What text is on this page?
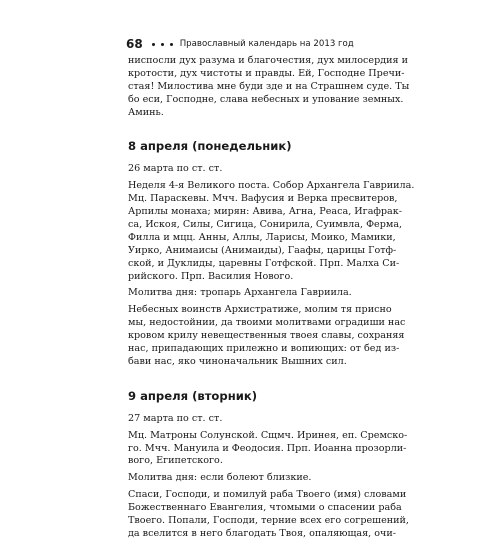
68	Православный календарь на 2013 год
ниспосли дух разума и благочестия, дух милосердия и
кротости, дух чистоты и правды. Ей, Господне Пречи-
стая! Милостива мне буди зде и на Страшнем суде. Ты
бо еси, Господне, слава небесных и упование земных.
Аминь.
8 апреля (понедельник)
26 марта по ст. ст.
Неделя 4-я Великого поста. Собор Архангела Гавриила.
Мц. Параскевы. Мчч. Вафусия и Верка пресвитеров,
Арпилы монаха; мирян: Авива, Агна, Реаса, Игафрак-
са, Искоя, Силы, Сигица, Сонирила, Суимвла, Ферма,
Филла и мцц. Анны, Аллы, Ларисы, Моико, Мамики,
Уирко, Анимаисы (Анимаиды), Гаафы, царицы Готф-
ской, и Дуклиды, царевны Готфской. Прп. Малха Си-
рийского. Прп. Василия Нового.
Молитва дня: тропарь Архангела Гавриила.
Небесных воинств Архистратиже, молим тя присно
мы, недостойнии, да твоими молитвами оградиши нас
кровом крилу невещественныя твоея славы, сохраняя
нас, припадающих прилежно и вопиющих: от бед из-
бави нас, яко чиноначальник Вышних сил.
9 апреля (вторник)
27 марта по ст. ст.
Мц. Матроны Солунской. Сщмч. Иринея, еп. Сремско-
го. Мчч. Мануила и Феодосия. Прп. Иоанна прозорли-
вого, Египетского.
Молитва дня: если болеют близкие.
Спаси, Господи, и помилуй раба Твоего (имя) словами
Божественнаго Евангелия, чтомыми о спасении раба
Твоего. Попали, Господи, терние всех его согрешений,
да вселится в него благодать Твоя, опаляющая, очи-
